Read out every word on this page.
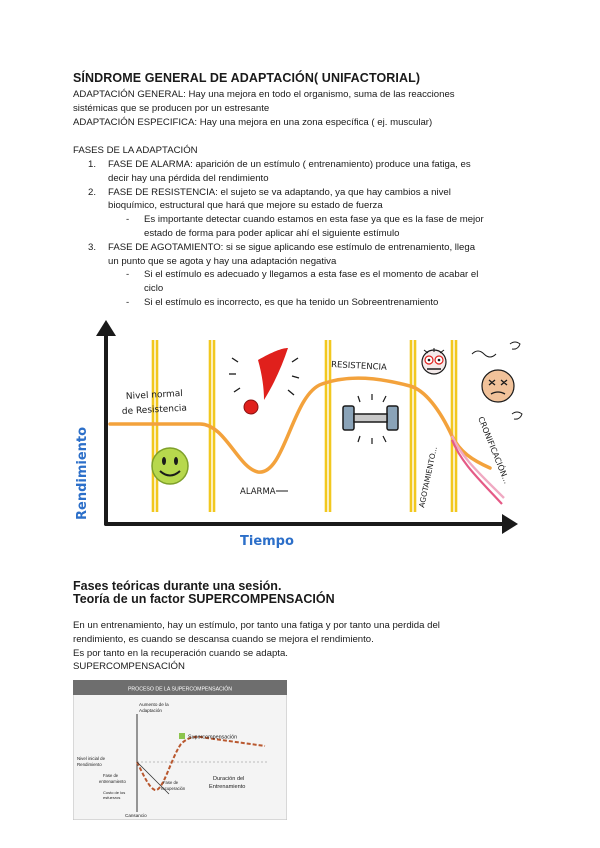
SÍNDROME GENERAL DE ADAPTACIÓN( UNIFACTORIAL)
ADAPTACIÓN GENERAL: Hay una mejora en todo el organismo, suma de las reacciones
sistémicas que se producen por un estresante
ADAPTACIÓN ESPECIFICA: Hay una mejora en una zona específica ( ej. muscular)
FASES DE LA ADAPTACIÓN
1. FASE DE ALARMA: aparición de un estímulo ( entrenamiento) produce una fatiga, es
decir hay una pérdida del rendimiento
2. FASE DE RESISTENCIA: el sujeto se va adaptando, ya que hay cambios a nivel
bioquímico, estructural que hará que mejore su estado de fuerza
- Es importante detectar cuando estamos en esta fase ya que es la fase de mejor
estado de forma para poder aplicar ahí el siguiente estímulo
3. FASE DE AGOTAMIENTO: si se sigue aplicando ese estímulo de entrenamiento, llega
un punto que se agota y hay una adaptación negativa
- Si el estímulo es adecuado y llegamos a esta fase es el momento de acabar el
ciclo
- Si el estímulo es incorrecto, es que ha tenido un Sobreentrenamiento
Nivel normal
de Resistencia
ALARMA
RESISTENCIA
AGOTAMIENTO...	CRONIFICACIÓN...
Rendimiento
Tiempo
Fases teóricas durante una sesión.
Teoría de un factor SUPERCOMPENSACIÓN
En un entrenamiento, hay un estímulo, por tanto una fatiga y por tanto una perdida del
rendimiento, es cuando se descansa cuando se mejora el rendimiento.
Es por tanto en la recuperación cuando se adapta.
SUPERCOMPENSACIÓN
PROCESO DE LA SUPERCOMPENSACIÓN
Aumento de la
Adaptación
Nivel inicial de
Rendimiento
Fase de
entrenamiento
Costo de los
esfuerzos
Fase de
recuperación
Supercompensación
Duración del
Entrenamiento
Cansancio
